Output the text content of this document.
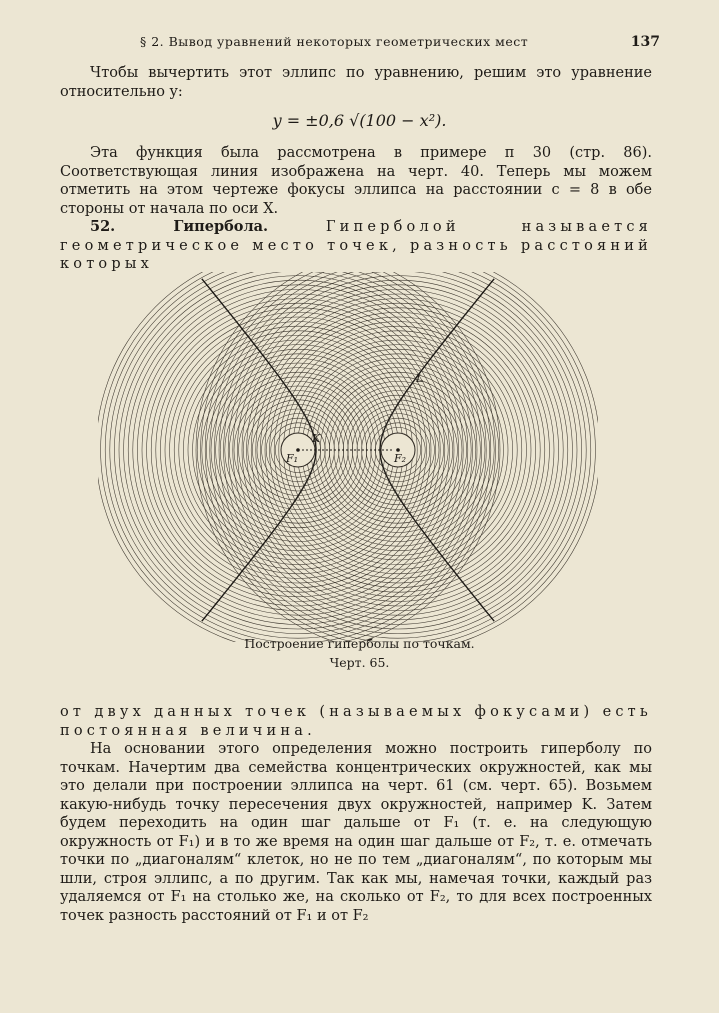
§ 2. Вывод уравнений некоторых геометрических мест	137

Чтобы вычертить этот эллипс по уравнению, решим это уравнение относительно y:

y = ±0,6 √(100 − x²).

Эта функция была рассмотрена в примере п 30 (стр. 86). Соответствующая линия изображена на черт. 40. Теперь мы можем отметить на этом чертеже фокусы эллипса на расстоянии c = 8 в обе стороны от начала по оси X.

52. Гипербола.	Гиперболой называется геометрическое место точек, разность расстояний которых

F₁	F₂
K
L
Построение гиперболы по точкам.
Черт. 65.

от двух данных точек (называемых фокусами) есть постоянная величина.

На основании этого определения можно построить гиперболу по точкам. Начертим два семейства концентрических окружностей, как мы это делали при построении эллипса на черт. 61 (см. черт. 65). Возьмем какую-нибудь точку пересечения двух окружностей, например K. Затем будем переходить на один шаг дальше от F₁ (т. е. на следующую окружность от F₁) и в то же время на один шаг дальше от F₂, т. е. отмечать точки по „диагоналям“ клеток, но не по тем „диагоналям“, по которым мы шли, строя эллипс, а по другим. Так как мы, намечая точки, каждый раз удаляемся от F₁ на столько же, на сколько от F₂, то для всех построенных точек разность расстояний от F₁ и от F₂
